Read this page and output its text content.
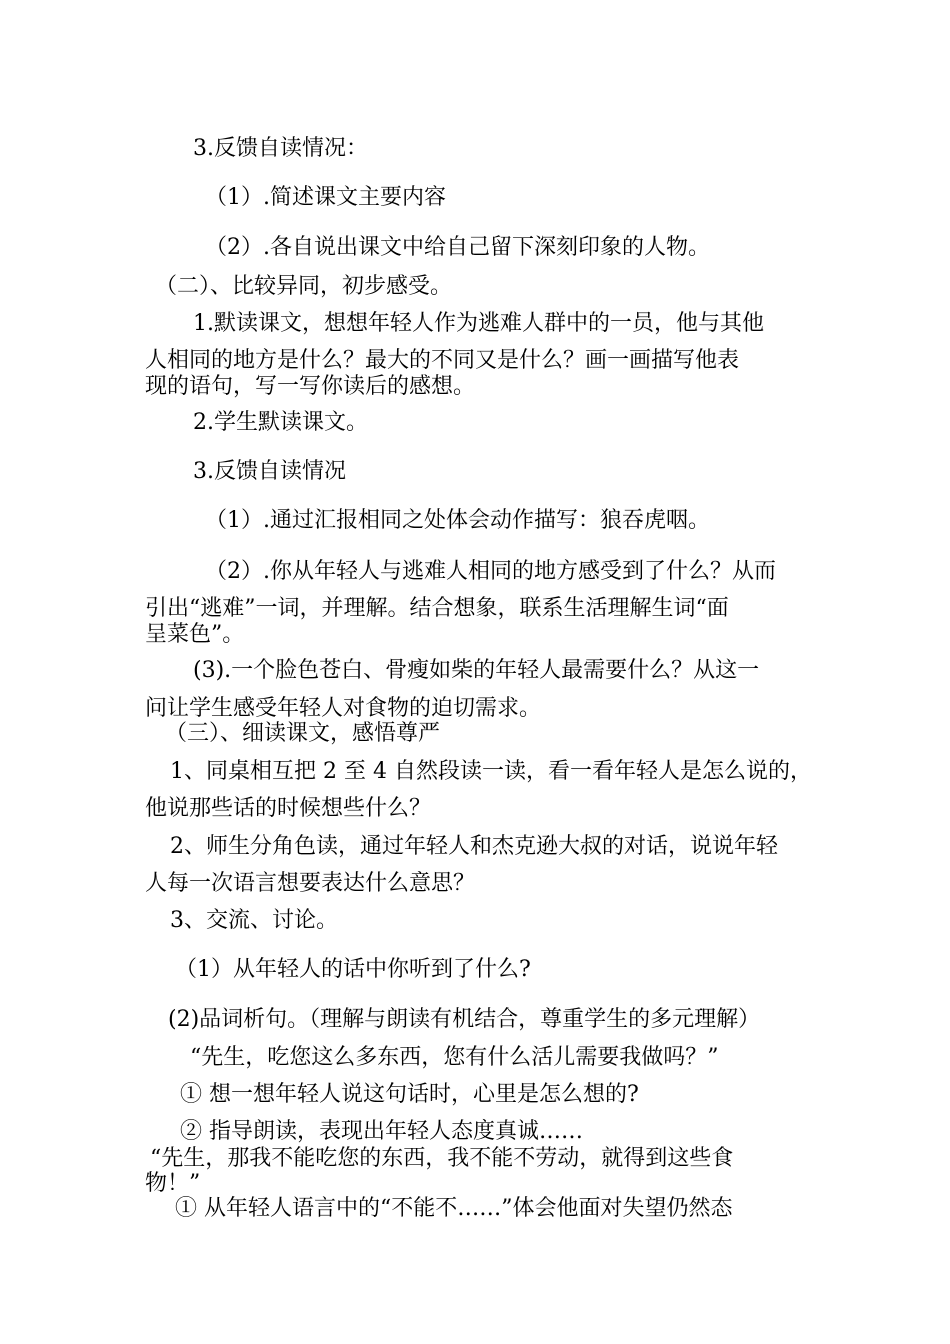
3.反馈自读情况：
（1）.简述课文主要内容
（2）.各自说出课文中给自己留下深刻印象的人物。
（二）、比较异同，初步感受。
1.默读课文，想想年轻人作为逃难人群中的一员，他与其他
人相同的地方是什么？最大的不同又是什么？画一画描写他表
现的语句，写一写你读后的感想。
2.学生默读课文。
3.反馈自读情况
（1）.通过汇报相同之处体会动作描写：狼吞虎咽。
（2）.你从年轻人与逃难人相同的地方感受到了什么？从而
引出“逃难”一词，并理解。结合想象，联系生活理解生词“面
呈菜色”。
(3).一个脸色苍白、骨瘦如柴的年轻人最需要什么？从这一
问让学生感受年轻人对食物的迫切需求。
（三）、细读课文，感悟尊严
1、同桌相互把 2 至 4 自然段读一读，看一看年轻人是怎么说的，
他说那些话的时候想些什么？
2、师生分角色读，通过年轻人和杰克逊大叔的对话，说说年轻
人每一次语言想要表达什么意思？
3、交流、讨论。
（1）从年轻人的话中你听到了什么?
(2)品词析句。（理解与朗读有机结合，尊重学生的多元理解）
“先生，吃您这么多东西，您有什么活儿需要我做吗？”
① 想一想年轻人说这句话时，心里是怎么想的?
② 指导朗读，表现出年轻人态度真诚……
“先生，那我不能吃您的东西，我不能不劳动，就得到这些食
物！”
① 从年轻人语言中的“不能不……”体会他面对失望仍然态
